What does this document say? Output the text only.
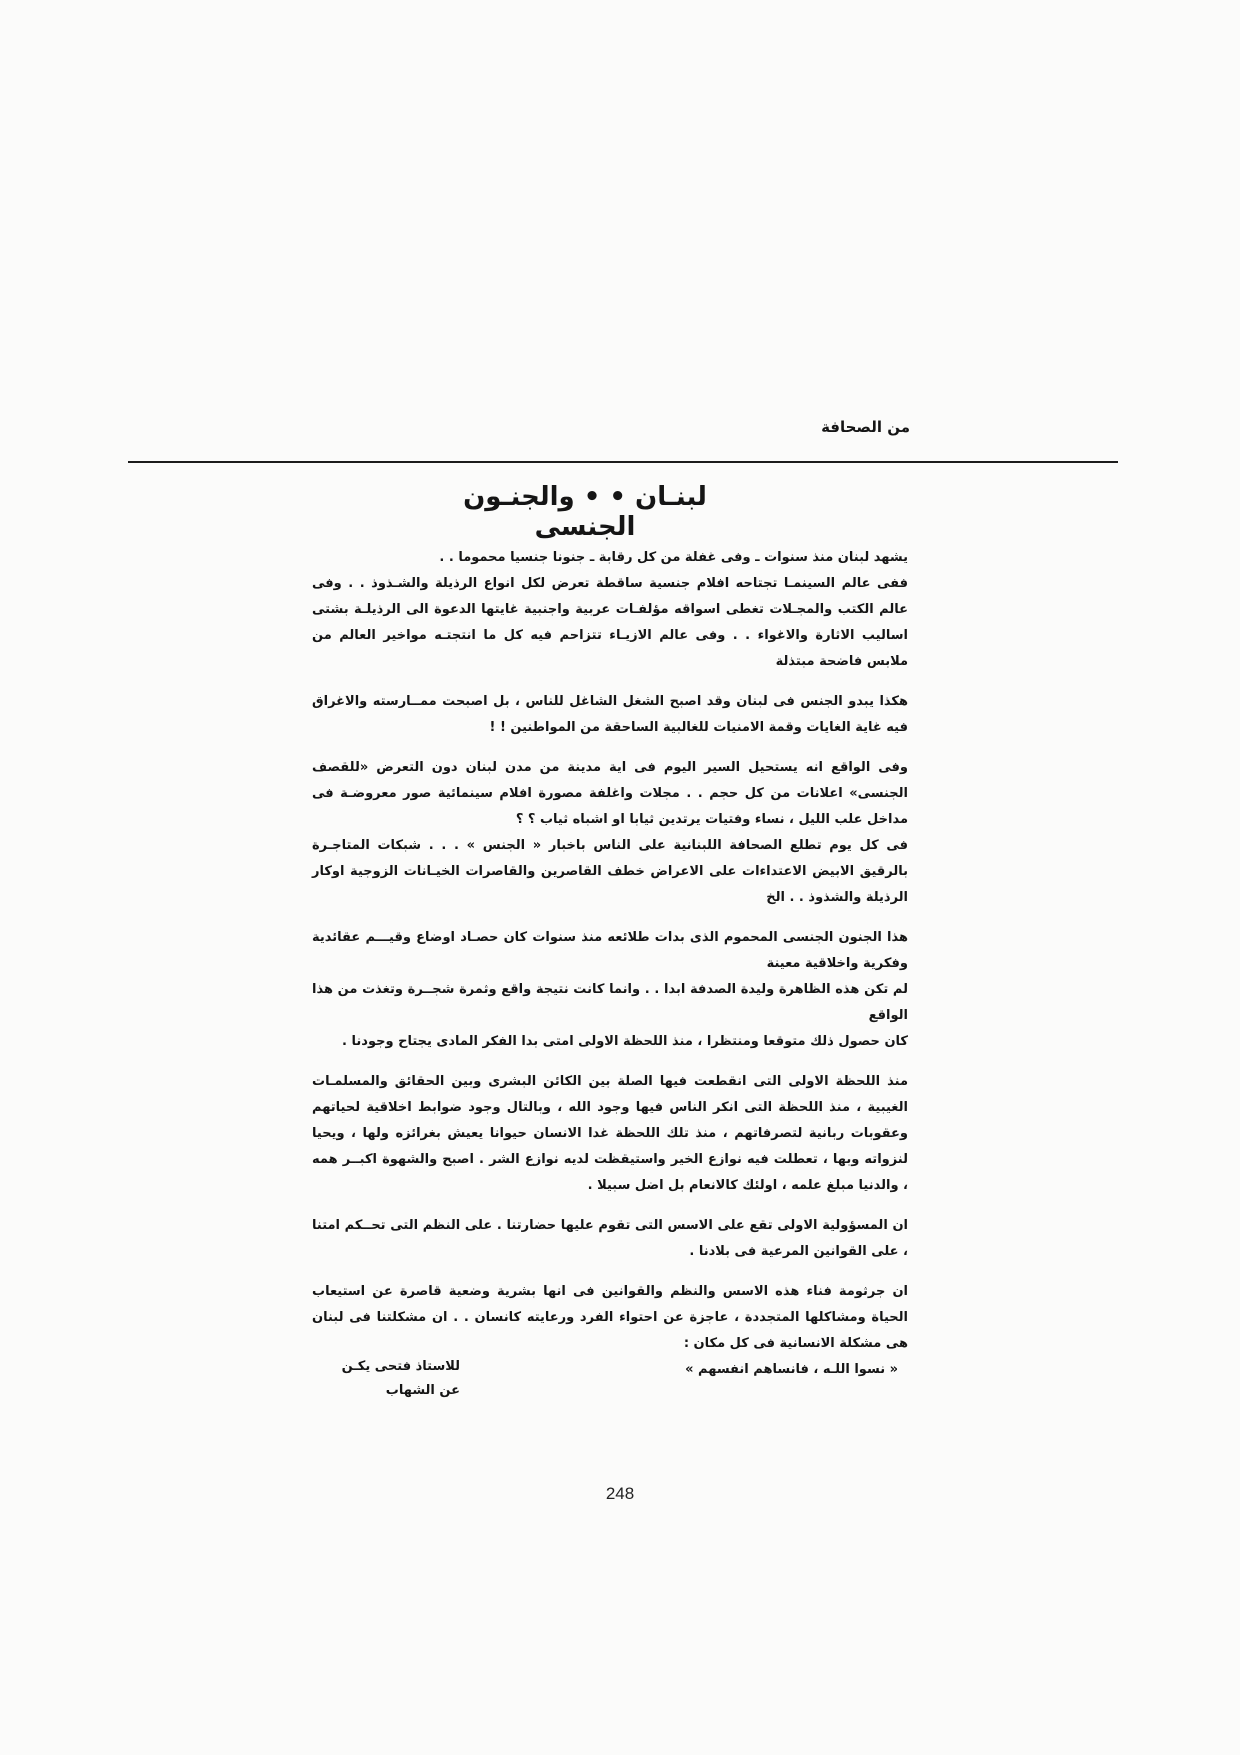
من الصحافة
لبنـان • • والجنـون الجنسى

يشهد لبنان منذ سنوات ـ وفى غفلة من كل رقابة ـ جنونا جنسيا محموما . .

ففى عالم السينمـا تجتاحه افلام جنسية ساقطة تعرض لكل انواع الرذيلة والشـذوذ . . وفى عالم الكتب والمجـلات تغطى اسواقه مؤلفـات عربية واجنبية غايتها الدعوة الى الرذيلـة بشتى اساليب الاثارة والاغواء . . وفى عالم الازيـاء تتزاحم فيه كل ما انتجتـه مواخير العالم من ملابس فاضحة مبتذلة

هكذا يبدو الجنس فى لبنان وقد اصبح الشغل الشاغل للناس ، بل اصبحت ممــارسته والاغراق فيه غاية الغايات وقمة الامنيات للغالبية الساحقة من المواطنين ! !

وفى الواقع انه يستحيل السير اليوم فى اية مدينة من مدن لبنان دون التعرض «للقصف الجنسى» اعلانات من كل حجم . . مجلات واغلفة مصورة افلام سينمائية صور معروضـة فى مداخل علب الليل ، نساء وفتيات يرتدين ثيابا او اشباه ثياب ؟ ؟

فى كل يوم تطلع الصحافة اللبنانية على الناس باخبار « الجنس » . . . شبكات المتاجـرة بالرقيق الابيض الاعتداءات على الاعراض خطف القاصرين والقاصرات الخيـانات الزوجية اوكار الرذيلة والشذوذ . . الخ

هذا الجنون الجنسى المحموم الذى بدات طلائعه منذ سنوات كان حصـاد اوضاع وقيـــم عقائدية وفكرية واخلاقية معينة

لم تكن هذه الظاهرة وليدة الصدفة ابدا . . وانما كانت نتيجة واقع وثمرة شجــرة وتغذت من هذا الواقع

كان حصول ذلك متوقعا ومنتظرا ، منذ اللحظة الاولى امتى بدا الفكر المادى يجتاح وجودنا .

منذ اللحظة الاولى التى انقطعت فيها الصلة بين الكائن البشرى وبين الحقائق والمسلمـات الغيبية ، منذ اللحظة التى انكر الناس فيها وجود الله ، وبالتال وجود ضوابط اخلاقية لحياتهم وعقوبات ربانية لتصرفاتهم ، منذ تلك اللحظة غدا الانسان حيوانا يعيش بغرائزه ولها ، ويحيا لنزواته وبها ، تعطلت فيه نوازع الخير واستيقظت لديه نوازع الشر . اصبح والشهوة اكبــر همه ، والدنيا مبلغ علمه ، اولئك كالانعام بل اضل سبيلا .

ان المسؤولية الاولى تقع على الاسس التى تقوم عليها حضارتنا . على النظم التى تحــكم امتنا ، على القوانين المرعية فى بلادنا .

ان جرثومة فناء هذه الاسس والنظم والقوانين فى انها بشرية وضعية قاصرة عن استيعاب الحياة ومشاكلها المتجددة ، عاجزة عن احتواء الفرد ورعايته كانسان . . ان مشكلتنا فى لبنان هى مشكلة الانسانية فى كل مكان :

« نسوا اللـه ، فانساهم انفسهم »

للاستاذ فتحى يكـن
عن الشهاب
248
